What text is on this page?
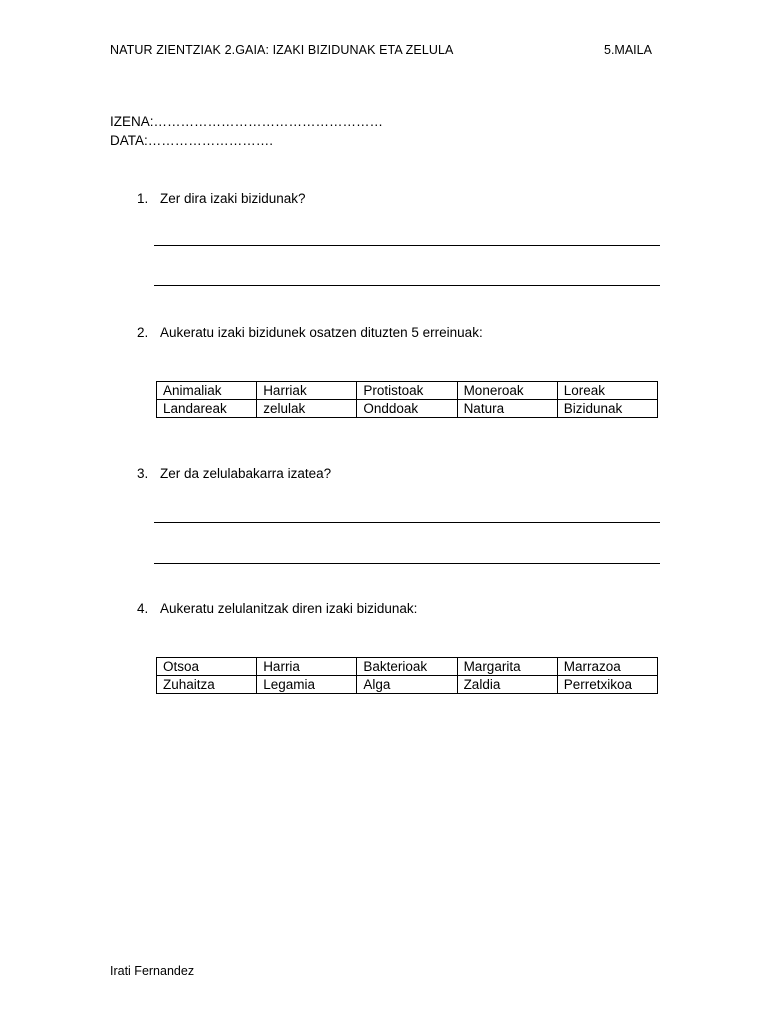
NATUR ZIENTZIAK 2.GAIA: IZAKI BIZIDUNAK ETA ZELULA	5.MAILA
IZENA:……………………………………………
DATA:……………………….
1. Zer dira izaki bizidunak?
2. Aukeratu izaki bizidunek osatzen dituzten 5 erreinuak:
Animaliak	Harriak	Protistoak	Moneroak	Loreak
Landareak	zelulak	Onddoak	Natura	Bizidunak
3. Zer da zelulabakarra izatea?
4. Aukeratu zelulanitzak diren izaki bizidunak:
Otsoa	Harria	Bakterioak	Margarita	Marrazoa
Zuhaitza	Legamia	Alga	Zaldia	Perretxikoa
Irati Fernandez
